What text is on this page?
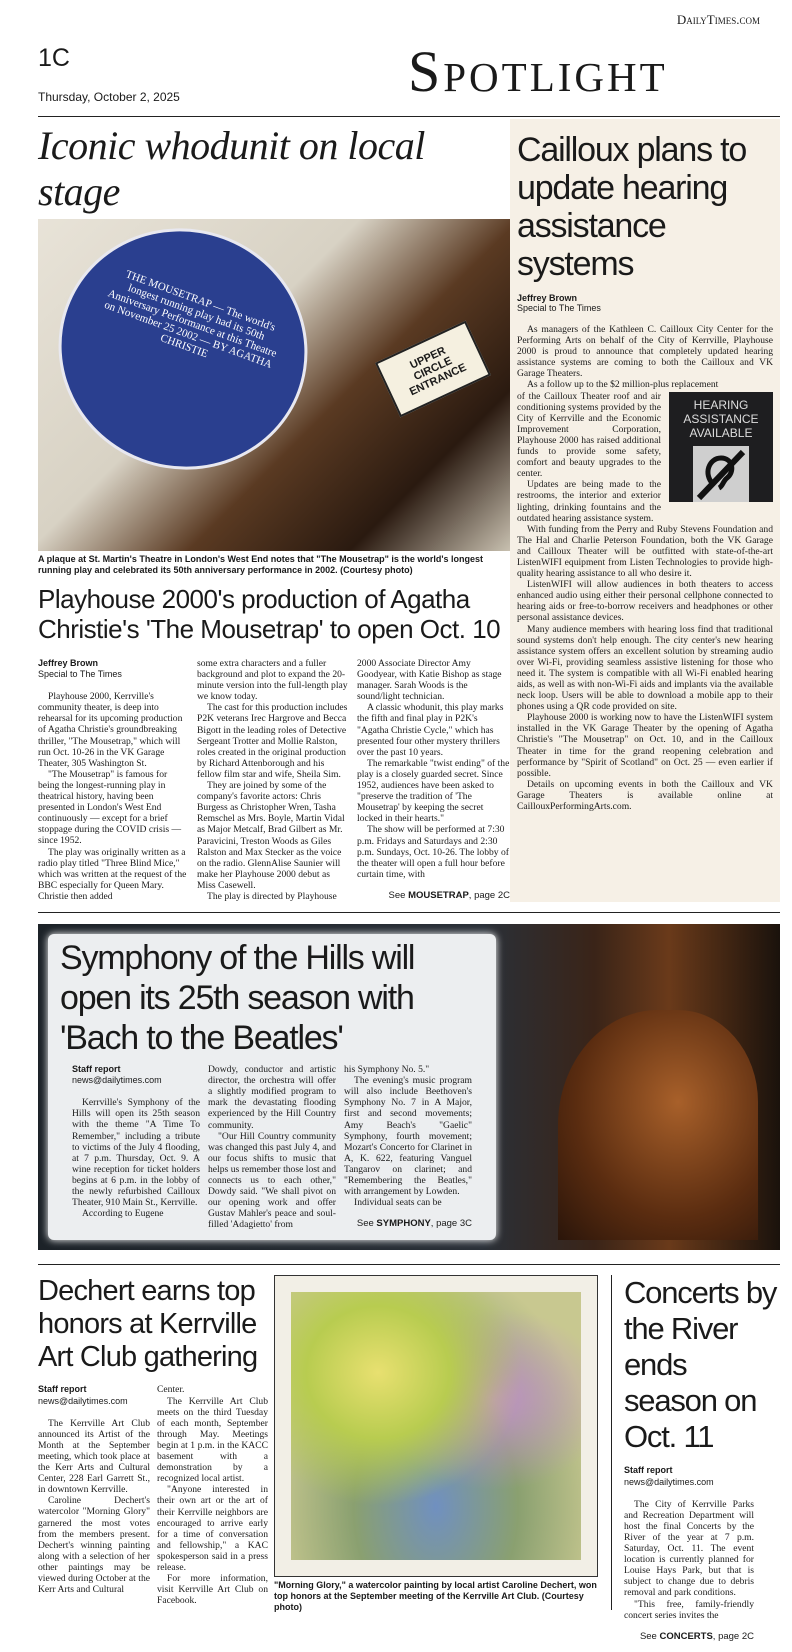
1C
Thursday, October 2, 2025
DailyTimes.com
Spotlight
Iconic whodunit on local stage
THE MOUSETRAP — The world's longest running play had its 50th Anniversary Performance at this Theatre on November 25 2002 — BY AGATHA CHRISTIE	UPPER CIRCLE ENTRANCE
A plaque at St. Martin's Theatre in London's West End notes that "The Mousetrap" is the world's longest running play and celebrated its 50th anniversary performance in 2002. (Courtesy photo)
Playhouse 2000's production of Agatha Christie's 'The Mousetrap' to open Oct. 10
Jeffrey Brown
Special to The Times

Playhouse 2000, Kerrville's community theater, is deep into rehearsal for its upcoming production of Agatha Christie's groundbreaking thriller, "The Mousetrap," which will run Oct. 10-26 in the VK Garage Theater, 305 Washington St.

"The Mousetrap" is famous for being the longest-running play in theatrical history, having been presented in London's West End continuously — except for a brief stoppage during the COVID crisis — since 1952.

The play was originally written as a radio play titled "Three Blind Mice," which was written at the request of the BBC especially for Queen Mary. Christie then added

some extra characters and a fuller background and plot to expand the 20-minute version into the full-length play we know today.

The cast for this production includes P2K veterans Irec Hargrove and Becca Bigott in the leading roles of Detective Sergeant Trotter and Mollie Ralston, roles created in the original production by Richard Attenborough and his fellow film star and wife, Sheila Sim.

They are joined by some of the company's favorite actors: Chris Burgess as Christopher Wren, Tasha Remschel as Mrs. Boyle, Martin Vidal as Major Metcalf, Brad Gilbert as Mr. Paravicini, Treston Woods as Giles Ralston and Max Stecker as the voice on the radio. GlennAlise Saunier will make her Playhouse 2000 debut as Miss Casewell.

The play is directed by Playhouse

2000 Associate Director Amy Goodyear, with Katie Bishop as stage manager. Sarah Woods is the sound/light technician.

A classic whodunit, this play marks the fifth and final play in P2K's "Agatha Christie Cycle," which has presented four other mystery thrillers over the past 10 years.

The remarkable "twist ending" of the play is a closely guarded secret. Since 1952, audiences have been asked to "preserve the tradition of 'The Mousetrap' by keeping the secret locked in their hearts."

The show will be performed at 7:30 p.m. Fridays and Saturdays and 2:30 p.m. Sundays, Oct. 10-26. The lobby of the theater will open a full hour before curtain time, with

See MOUSETRAP, page 2C
Cailloux plans to update hearing assistance systems
Jeffrey Brown
Special to The Times

As managers of the Kathleen C. Cailloux City Center for the Performing Arts on behalf of the City of Kerrville, Playhouse 2000 is proud to announce that completely updated hearing assistance systems are coming to both the Cailloux and VK Garage Theaters.

As a follow up to the $2 million-plus replacement

HEARING
ASSISTANCE
AVAILABLE

of the Cailloux Theater roof and air conditioning systems provided by the City of Kerrville and the Economic Improvement Corporation, Playhouse 2000 has raised additional funds to provide some safety, comfort and beauty upgrades to the center.

Updates are being made to the restrooms, the interior and exterior lighting, drinking fountains and the outdated hearing assistance system.

With funding from the Perry and Ruby Stevens Foundation and The Hal and Charlie Peterson Foundation, both the VK Garage and Cailloux Theater will be outfitted with state-of-the-art ListenWIFI equipment from Listen Technologies to provide high-quality hearing assistance to all who desire it.

ListenWIFI will allow audiences in both theaters to access enhanced audio using either their personal cellphone connected to hearing aids or free-to-borrow receivers and headphones or other personal assistance devices.

Many audience members with hearing loss find that traditional sound systems don't help enough. The city center's new hearing assistance system offers an excellent solution by streaming audio over Wi-Fi, providing seamless assistive listening for those who need it. The system is compatible with all Wi-Fi enabled hearing aids, as well as with non-Wi-Fi aids and implants via the available neck loop. Users will be able to download a mobile app to their phones using a QR code provided on site.

Playhouse 2000 is working now to have the ListenWIFI system installed in the VK Garage Theater by the opening of Agatha Christie's "The Mousetrap" on Oct. 10, and in the Cailloux Theater in time for the grand reopening celebration and performance by "Spirit of Scotland" on Oct. 25 — even earlier if possible.

Details on upcoming events in both the Cailloux and VK Garage Theaters is available online at CaillouxPerformingArts.com.

Symphony of the Hills will open its 25th season with 'Bach to the Beatles'
Staff report
news@dailytimes.com

Kerrville's Symphony of the Hills will open its 25th season with the theme "A Time To Remember," including a tribute to victims of the July 4 flooding, at 7 p.m. Thursday, Oct. 9. A wine reception for ticket holders begins at 6 p.m. in the lobby of the newly refurbished Cailloux Theater, 910 Main St., Kerrville.

According to Eugene

Dowdy, conductor and artistic director, the orchestra will offer a slightly modified program to mark the devastating flooding experienced by the Hill Country community.

"Our Hill Country community was changed this past July 4, and our focus shifts to music that helps us remember those lost and connects us to each other," Dowdy said. "We shall pivot on our opening work and offer Gustav Mahler's peace and soul-filled 'Adagietto' from

his Symphony No. 5."

The evening's music program will also include Beethoven's Symphony No. 7 in A Major, first and second movements; Amy Beach's "Gaelic" Symphony, fourth movement; Mozart's Concerto for Clarinet in A, K. 622, featuring Vanguel Tangarov on clarinet; and "Remembering the Beatles," with arrangement by Lowden.

Individual seats can be

See SYMPHONY, page 3C
Dechert earns top honors at Kerrville Art Club gathering
Staff report
news@dailytimes.com

The Kerrville Art Club announced its Artist of the Month at the September meeting, which took place at the Kerr Arts and Cultural Center, 228 Earl Garrett St., in downtown Kerrville.

Caroline Dechert's watercolor "Morning Glory" garnered the most votes from the members present. Dechert's winning painting along with a selection of her other paintings may be viewed during October at the Kerr Arts and Cultural

Center.

The Kerrville Art Club meets on the third Tuesday of each month, September through May. Meetings begin at 1 p.m. in the KACC basement with a demonstration by a recognized local artist.

"Anyone interested in their own art or the art of their Kerrville neighbors are encouraged to arrive early for a time of conversation and fellowship," a KAC spokesperson said in a press release.

For more information, visit Kerrville Art Club on Facebook.

"Morning Glory," a watercolor painting by local artist Caroline Dechert, won top honors at the September meeting of the Kerrville Art Club. (Courtesy photo)
Concerts by the River ends season on Oct. 11
Staff report
news@dailytimes.com

The City of Kerrville Parks and Recreation Department will host the final Concerts by the River of the year at 7 p.m. Saturday, Oct. 11. The event location is currently planned for Louise Hays Park, but that is subject to change due to debris removal and park conditions.

"This free, family-friendly concert series invites the

See CONCERTS, page 2C
